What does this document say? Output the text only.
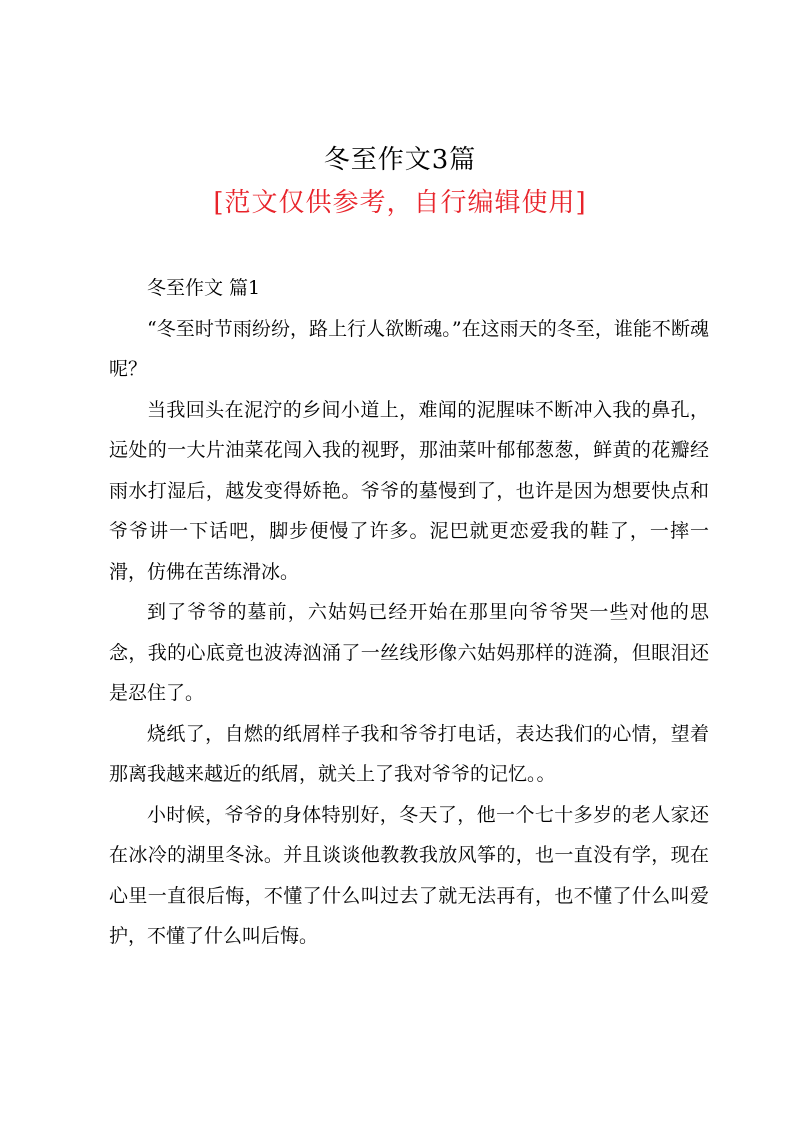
冬至作文3篇
[范文仅供参考，自行编辑使用]

冬至作文 篇1

“冬至时节雨纷纷，路上行人欲断魂。”在这雨天的冬至，谁能不断魂呢？

当我回头在泥泞的乡间小道上，难闻的泥腥味不断冲入我的鼻孔，远处的一大片油菜花闯入我的视野，那油菜叶郁郁葱葱，鲜黄的花瓣经雨水打湿后，越发变得娇艳。爷爷的墓慢到了，也许是因为想要快点和爷爷讲一下话吧，脚步便慢了许多。泥巴就更恋爱我的鞋了，一摔一滑，仿佛在苦练滑冰。

到了爷爷的墓前，六姑妈已经开始在那里向爷爷哭一些对他的思念，我的心底竟也波涛汹涌了一丝线形像六姑妈那样的涟漪，但眼泪还是忍住了。

烧纸了，自燃的纸屑样子我和爷爷打电话，表达我们的心情，望着那离我越来越近的纸屑，就关上了我对爷爷的记忆。。

小时候，爷爷的身体特别好，冬天了，他一个七十多岁的老人家还在冰冷的湖里冬泳。并且谈谈他教教我放风筝的，也一直没有学，现在心里一直很后悔，不懂了什么叫过去了就无法再有，也不懂了什么叫爱护，不懂了什么叫后悔。
